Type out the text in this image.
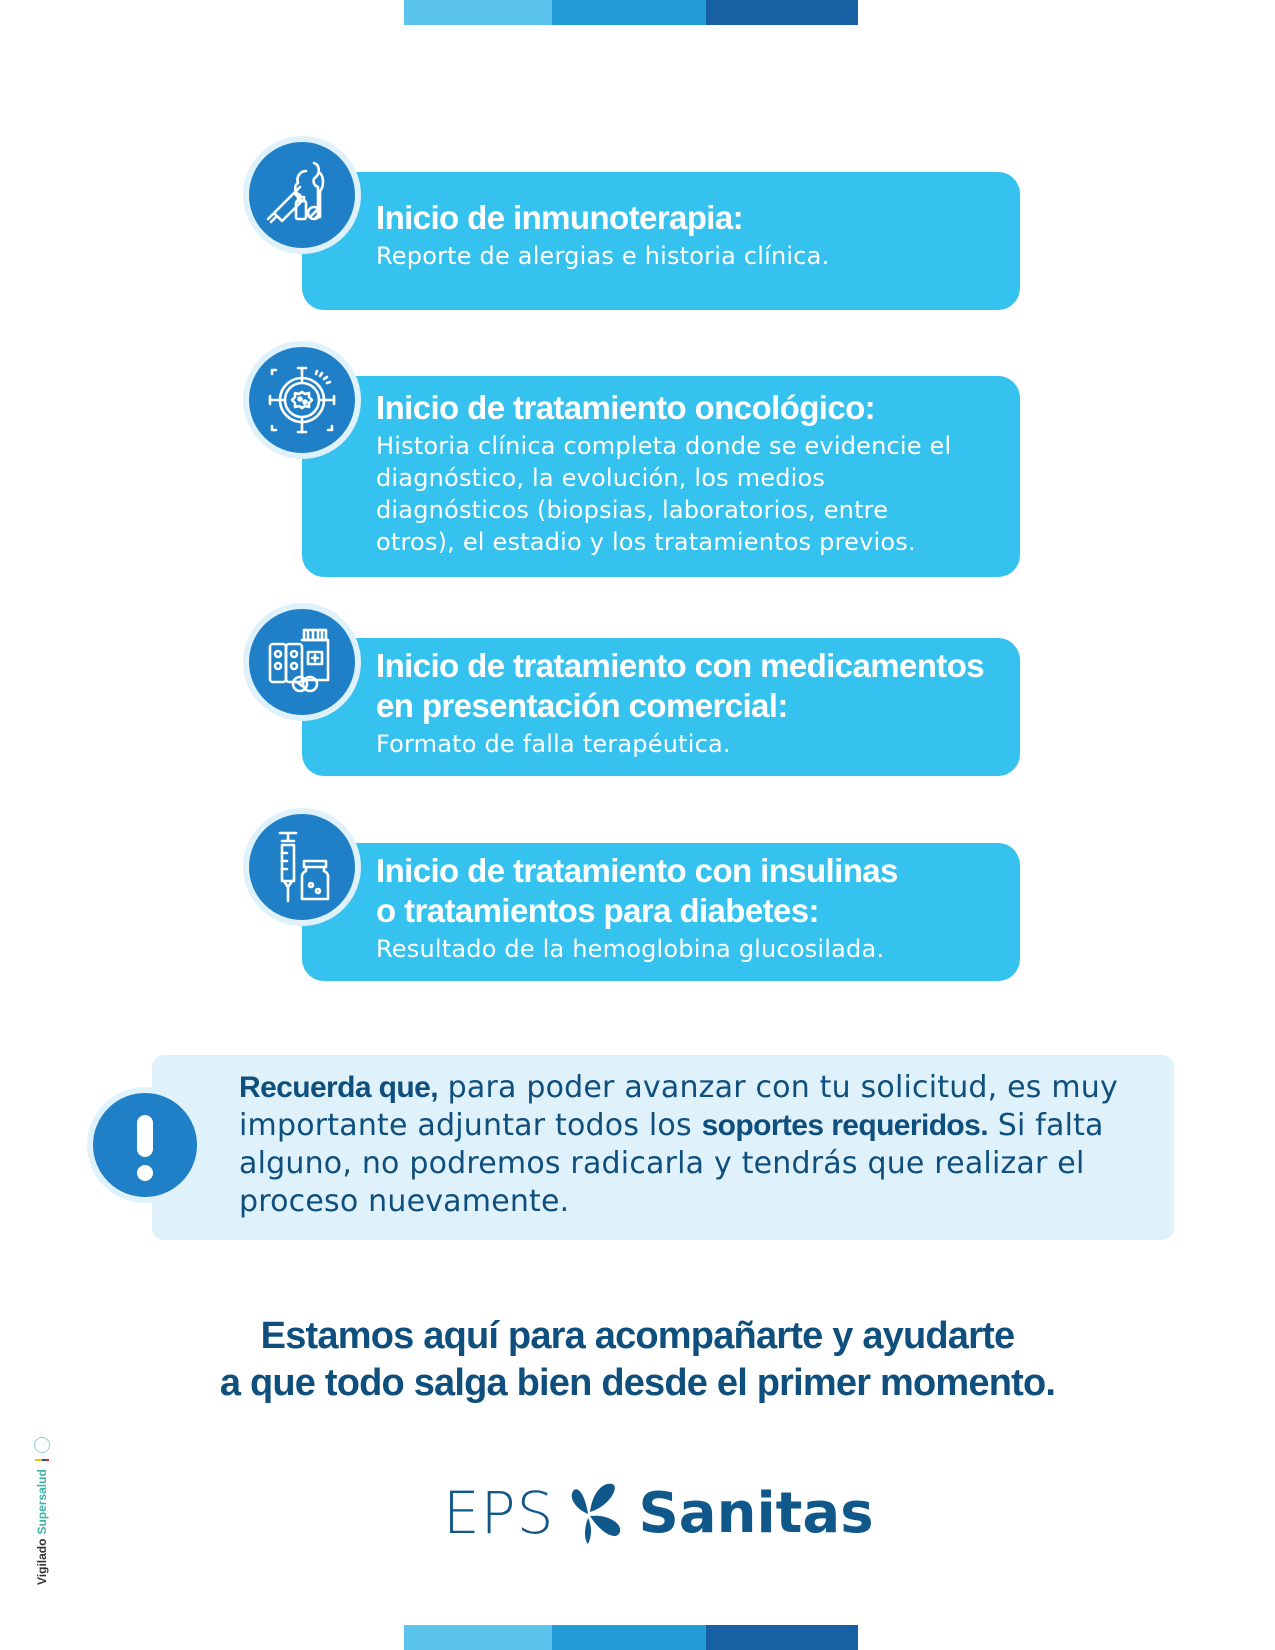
Inicio de inmunoterapia:
Reporte de alergias e historia clínica.
Inicio de tratamiento oncológico:
Historia clínica completa donde se evidencie el
diagnóstico, la evolución, los medios
diagnósticos (biopsias, laboratorios, entre
otros), el estadio y los tratamientos previos.
Inicio de tratamiento con medicamentos
en presentación comercial:
Formato de falla terapéutica.
Inicio de tratamiento con insulinas
o tratamientos para diabetes:
Resultado de la hemoglobina glucosilada.
Recuerda que, para poder avanzar con tu solicitud, es muy importante adjuntar todos los soportes requeridos. Si falta alguno, no podremos radicarla y tendrás que realizar el proceso nuevamente.
Estamos aquí para acompañarte y ayudarte
a que todo salga bien desde el primer momento.
EPS Sanitas
Vigilado
Supersalud
